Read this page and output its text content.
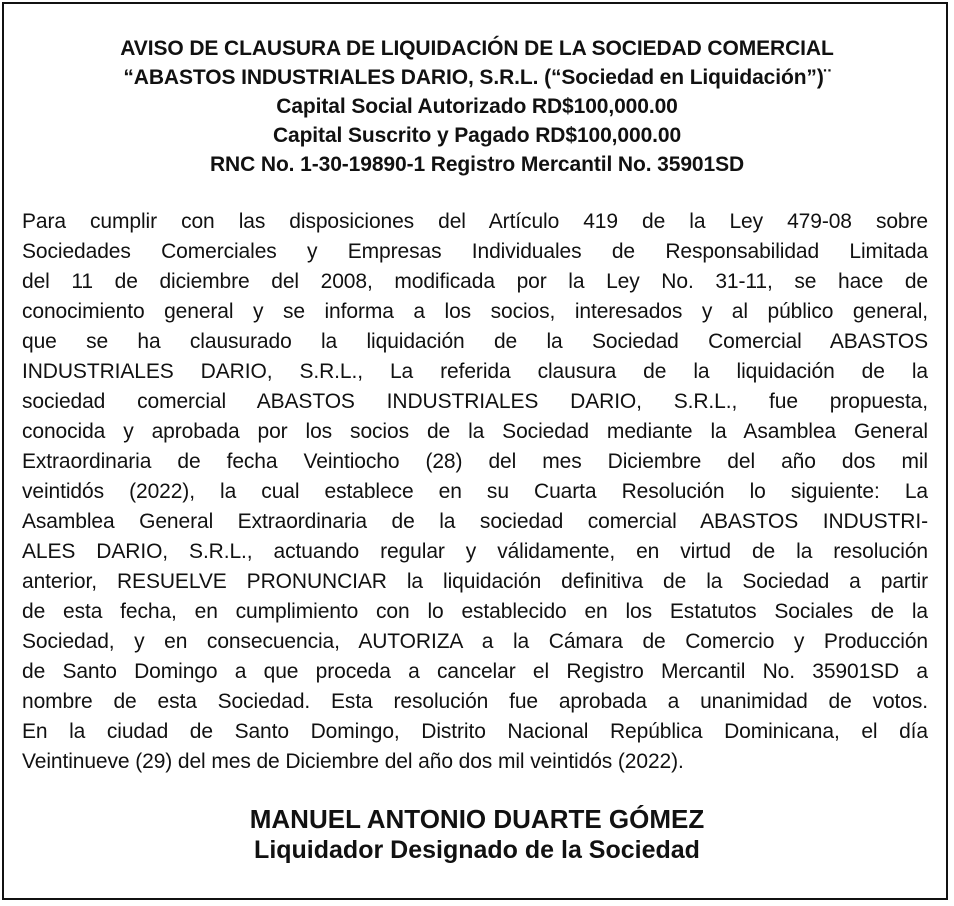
AVISO DE CLAUSURA DE LIQUIDACIÓN DE LA SOCIEDAD COMERCIAL
“ABASTOS INDUSTRIALES DARIO, S.R.L. (“Sociedad en Liquidación”)¨
Capital Social Autorizado RD$100,000.00
Capital Suscrito y Pagado RD$100,000.00
RNC No. 1-30-19890-1 Registro Mercantil No. 35901SD
Para cumplir con las disposiciones del Artículo 419 de la Ley 479-08 sobre
Sociedades Comerciales y Empresas Individuales de Responsabilidad Limitada
del 11 de diciembre del 2008, modificada por la Ley No. 31-11, se hace de
conocimiento general y se informa a los socios, interesados y al público general,
que se ha clausurado la liquidación de la Sociedad Comercial ABASTOS
INDUSTRIALES DARIO, S.R.L., La referida clausura de la liquidación de la
sociedad comercial ABASTOS INDUSTRIALES DARIO, S.R.L., fue propuesta,
conocida y aprobada por los socios de la Sociedad mediante la Asamblea General
Extraordinaria de fecha Veintiocho (28) del mes Diciembre del año dos mil
veintidós (2022), la cual establece en su Cuarta Resolución lo siguiente: La
Asamblea General Extraordinaria de la sociedad comercial ABASTOS INDUSTRI-
ALES DARIO, S.R.L., actuando regular y válidamente, en virtud de la resolución
anterior, RESUELVE PRONUNCIAR la liquidación definitiva de la Sociedad a partir
de esta fecha, en cumplimiento con lo establecido en los Estatutos Sociales de la
Sociedad, y en consecuencia, AUTORIZA a la Cámara de Comercio y Producción
de Santo Domingo a que proceda a cancelar el Registro Mercantil No. 35901SD a
nombre de esta Sociedad. Esta resolución fue aprobada a unanimidad de votos.
En la ciudad de Santo Domingo, Distrito Nacional República Dominicana, el día
Veintinueve (29) del mes de Diciembre del año dos mil veintidós (2022).
MANUEL ANTONIO DUARTE GÓMEZ
Liquidador Designado de la Sociedad
